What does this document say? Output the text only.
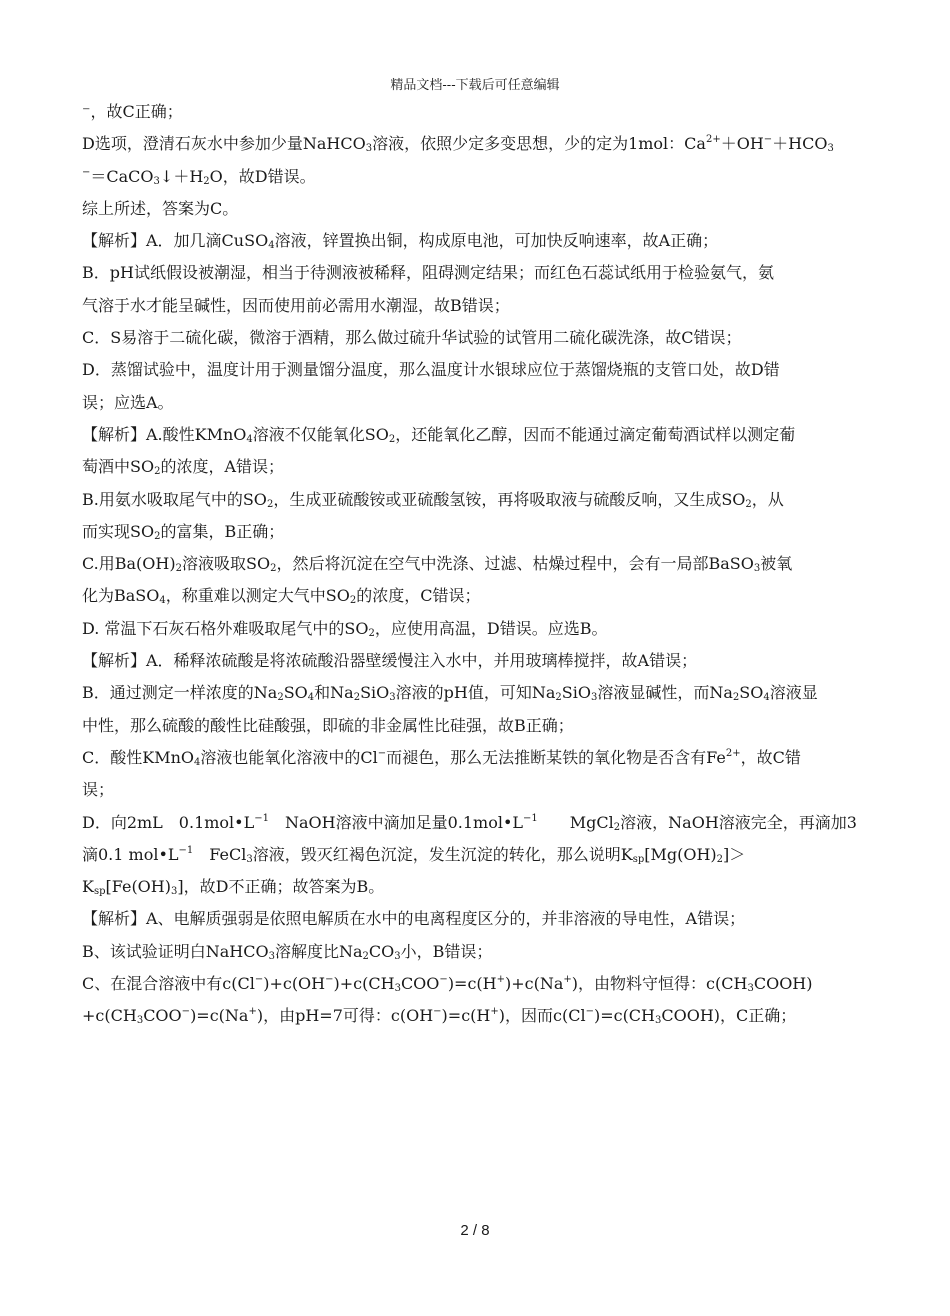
精品文档---下载后可任意编辑
⁻，故C正确；
D选项，澄清石灰水中参加少量NaHCO$_3$溶液，依照少定多变思想，少的定为1mol：$Ca^{2+}+OH^-+HCO_3$
$^-=CaCO_3↓+H_2O$，故D错误。
综上所述，答案为C。
【解析】A．加几滴CuSO$_4$溶液，锌置换出铜，构成原电池，可加快反响速率，故A正确；
B．pH试纸假设被潮湿，相当于待测液被稀释，阻碍测定结果；而红色石蕊试纸用于检验氨气，氨
气溶于水才能呈碱性，因而使用前必需用水潮湿，故B错误；
C．S易溶于二硫化碳，微溶于酒精，那么做过硫升华试验的试管用二硫化碳洗涤，故C错误；
D．蒸馏试验中，温度计用于测量馏分温度，那么温度计水银球应位于蒸馏烧瓶的支管口处，故D错
误；应选A。
【解析】A.酸性KMnO$_4$溶液不仅能氧化$SO_2$，还能氧化乙醇，因而不能通过滴定葡萄酒试样以测定葡
萄酒中$SO_2$的浓度，A错误；
B.用氨水吸取尾气中的$SO_2$，生成亚硫酸铵或亚硫酸氢铵，再将吸取液与硫酸反响，又生成$SO_2$，从
而实现$SO_2$的富集，B正确；
C.用$Ba(OH)_2$溶液吸取$SO_2$，然后将沉淀在空气中洗涤、过滤、枯燥过程中，会有一局部BaSO$_3$被氧
化为BaSO$_4$，称重难以测定大气中$SO_2$的浓度，C错误；
D. 常温下石灰石格外难吸取尾气中的$SO_2$，应使用高温，D错误。应选B。
【解析】A．稀释浓硫酸是将浓硫酸沿器壁缓慢注入水中，并用玻璃棒搅拌，故A错误；
B．通过测定一样浓度的$Na_2SO_4$和$Na_2SiO_3$溶液的pH值，可知$Na_2SiO_3$溶液显碱性，而$Na_2SO_4$溶液显
中性，那么硫酸的酸性比硅酸强，即硫的非金属性比硅强，故B正确；
C．酸性KMnO$_4$溶液也能氧化溶液中的Cl−而褪色，那么无法推断某铁的氧化物是否含有$Fe^{2+}$，故C错
误；
D．向2mL　$0.1mol•L^{-1}$　NaOH溶液中滴加足量$0.1mol•L^{-1}$　　MgCl$_2$溶液，NaOH溶液完全，再滴加3
滴0.1 $mol•L^{-1}$　FeCl$_3$溶液，毁灭红褐色沉淀，发生沉淀的转化，那么说明$K_{sp}[Mg(OH)_2]>$
$K_{sp}[Fe(OH)_3]$，故D不正确；故答案为B。
【解析】A、电解质强弱是依照电解质在水中的电离程度区分的，并非溶液的导电性，A错误；
B、该试验证明白NaHCO$_3$溶解度比$Na_2CO_3$小，B错误；
C、在混合溶液中有$c(Cl^-)+c(OH^-)+c(CH_3COO^-)=c(H^+)+c(Na^+)$，由物料守恒得：$c(CH_3COOH)$
$+c(CH_3COO^-)=c(Na^+)$，由pH=7可得：c(OH−)=c(H+)，因而$c(Cl^-)=c(CH_3COOH)$，C正确；
2 / 8
